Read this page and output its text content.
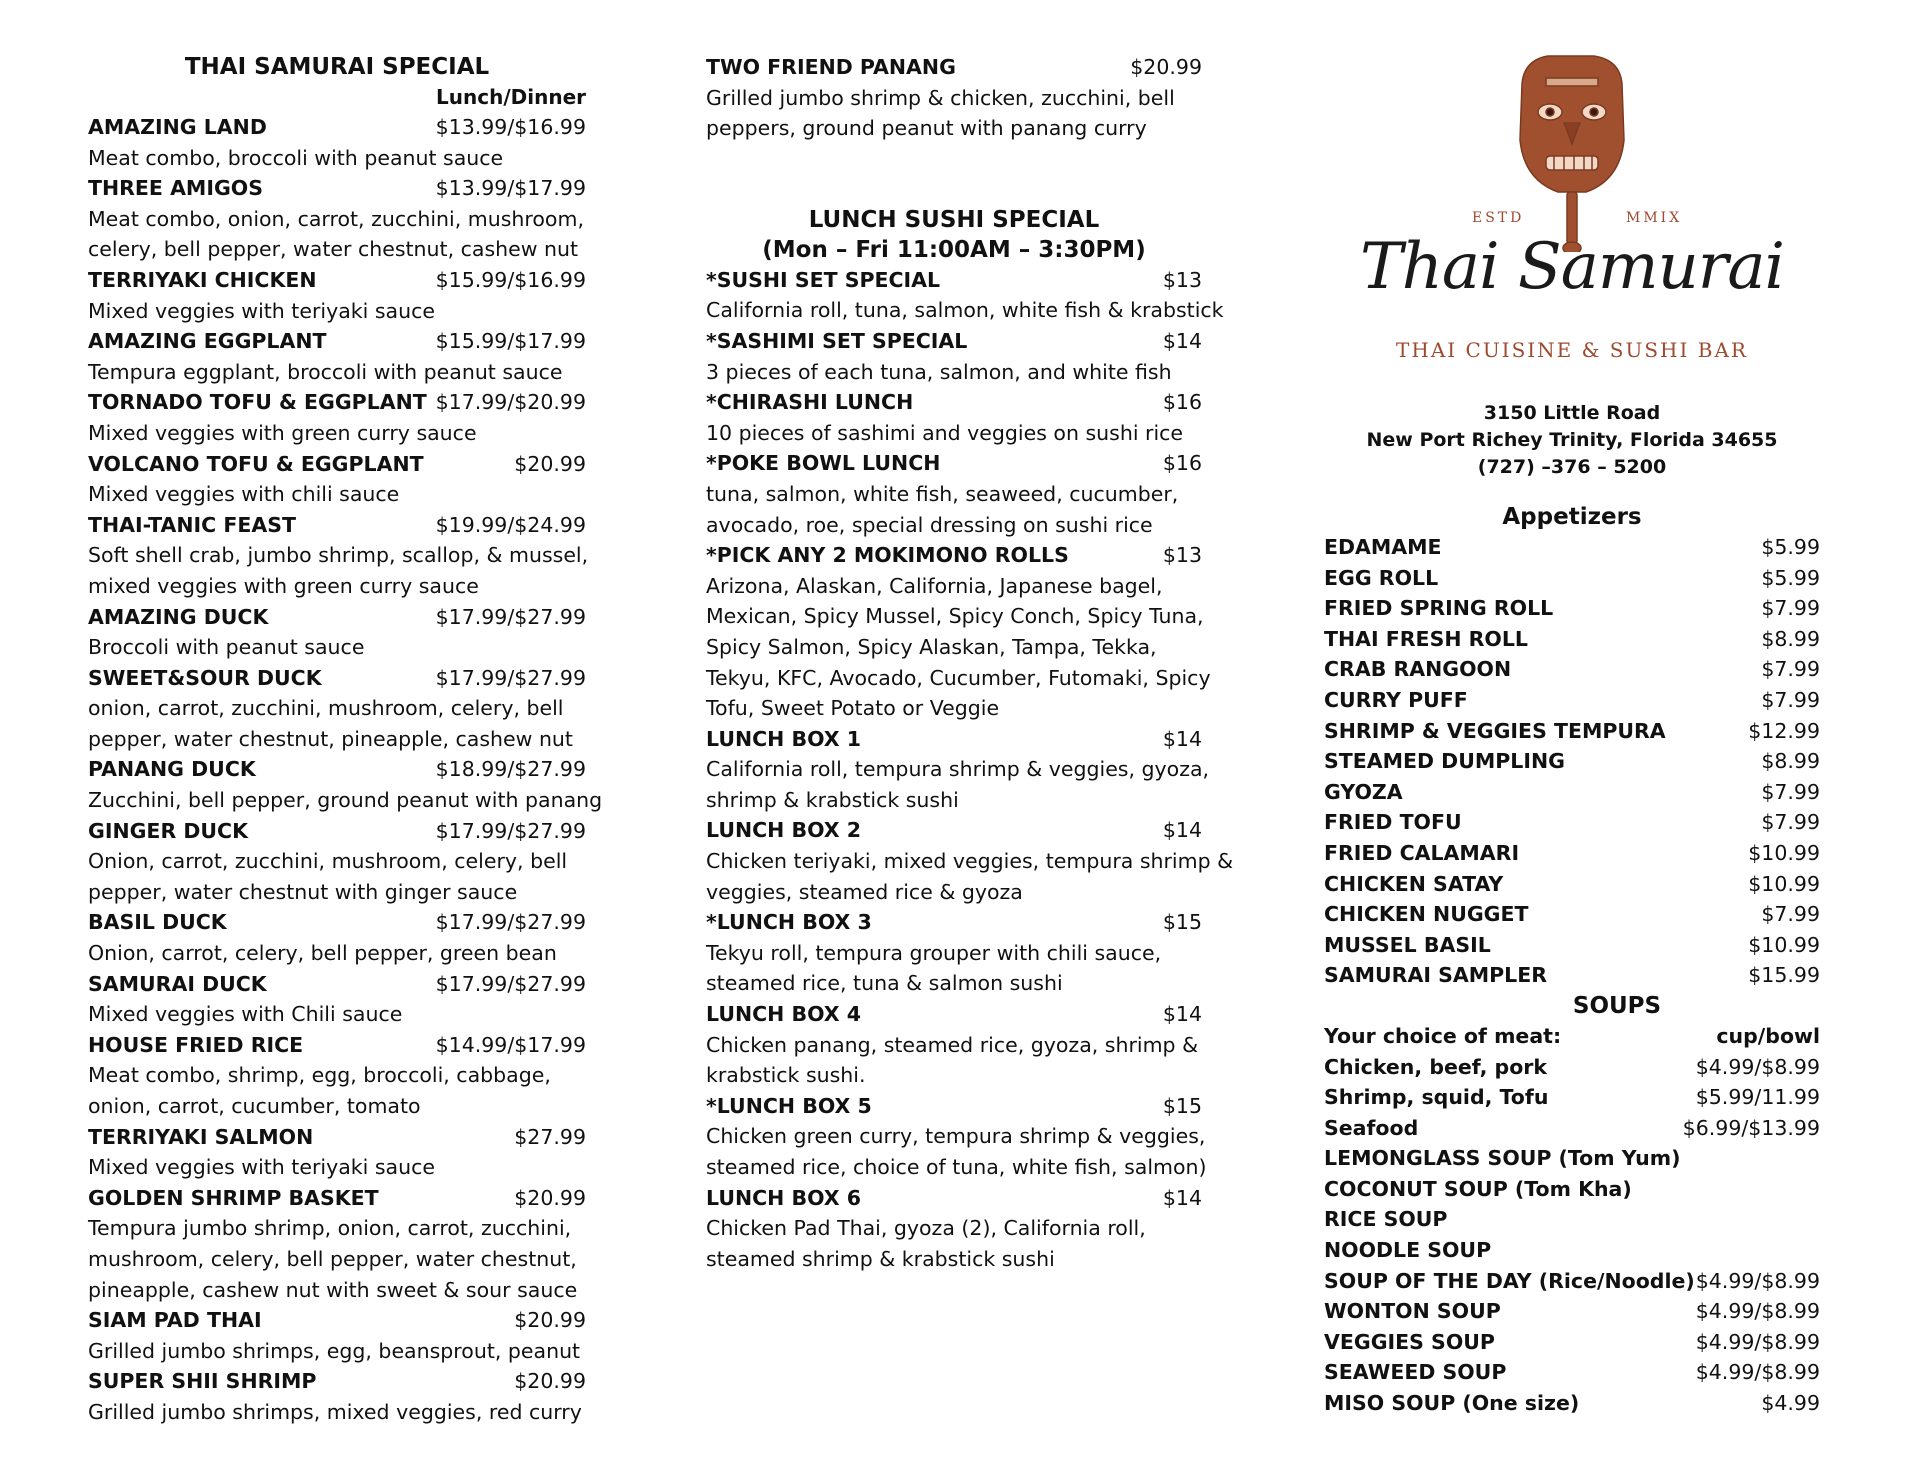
THAI SAMURAI SPECIAL
Lunch/Dinner
AMAZING LAND	$13.99/$16.99
Meat combo, broccoli with peanut sauce
THREE AMIGOS	$13.99/$17.99
Meat combo, onion, carrot, zucchini, mushroom,
celery, bell pepper, water chestnut, cashew nut
TERRIYAKI CHICKEN	$15.99/$16.99
Mixed veggies with teriyaki sauce
AMAZING EGGPLANT	$15.99/$17.99
Tempura eggplant, broccoli with peanut sauce
TORNADO TOFU & EGGPLANT $17.99/$20.99
Mixed veggies with green curry sauce
VOLCANO TOFU & EGGPLANT	$20.99
Mixed veggies with chili sauce
THAI-TANIC FEAST	$19.99/$24.99
Soft shell crab, jumbo shrimp, scallop, & mussel,
mixed veggies with green curry sauce
AMAZING DUCK	$17.99/$27.99
Broccoli with peanut sauce
SWEET&SOUR DUCK	$17.99/$27.99
onion, carrot, zucchini, mushroom, celery, bell
pepper, water chestnut, pineapple, cashew nut
PANANG DUCK	$18.99/$27.99
Zucchini, bell pepper, ground peanut with panang
GINGER DUCK	$17.99/$27.99
Onion, carrot, zucchini, mushroom, celery, bell
pepper, water chestnut with ginger sauce
BASIL DUCK	$17.99/$27.99
Onion, carrot, celery, bell pepper, green bean
SAMURAI DUCK	$17.99/$27.99
Mixed veggies with Chili sauce
HOUSE FRIED RICE	$14.99/$17.99
Meat combo, shrimp, egg, broccoli, cabbage,
onion, carrot, cucumber, tomato
TERRIYAKI SALMON	$27.99
Mixed veggies with teriyaki sauce
GOLDEN SHRIMP BASKET	$20.99
Tempura jumbo shrimp, onion, carrot, zucchini,
mushroom, celery, bell pepper, water chestnut,
pineapple, cashew nut with sweet & sour sauce
SIAM PAD THAI	$20.99
Grilled jumbo shrimps, egg, beansprout, peanut
SUPER SHII SHRIMP	$20.99
Grilled jumbo shrimps, mixed veggies, red curry
TWO FRIEND PANANG	$20.99
Grilled jumbo shrimp & chicken, zucchini, bell
peppers, ground peanut with panang curry
LUNCH SUSHI SPECIAL
(Mon – Fri 11:00AM – 3:30PM)
*SUSHI SET SPECIAL	$13
California roll, tuna, salmon, white fish & krabstick
*SASHIMI SET SPECIAL	$14
3 pieces of each tuna, salmon, and white fish
*CHIRASHI LUNCH	$16
10 pieces of sashimi and veggies on sushi rice
*POKE BOWL LUNCH	$16
tuna, salmon, white fish, seaweed, cucumber,
avocado, roe, special dressing on sushi rice
*PICK ANY 2 MOKIMONO ROLLS	$13
Arizona, Alaskan, California, Japanese bagel,
Mexican, Spicy Mussel, Spicy Conch, Spicy Tuna,
Spicy Salmon, Spicy Alaskan, Tampa, Tekka,
Tekyu, KFC, Avocado, Cucumber, Futomaki, Spicy
Tofu, Sweet Potato or Veggie
LUNCH BOX 1	$14
California roll, tempura shrimp & veggies, gyoza,
shrimp & krabstick sushi
LUNCH BOX 2	$14
Chicken teriyaki, mixed veggies, tempura shrimp &
veggies, steamed rice & gyoza
*LUNCH BOX 3	$15
Tekyu roll, tempura grouper with chili sauce,
steamed rice, tuna & salmon sushi
LUNCH BOX 4	$14
Chicken panang, steamed rice, gyoza, shrimp &
krabstick sushi.
*LUNCH BOX 5	$15
Chicken green curry, tempura shrimp & veggies,
steamed rice, choice of tuna, white fish, salmon)
LUNCH BOX 6	$14
Chicken Pad Thai, gyoza (2), California roll,
steamed shrimp & krabstick sushi
ESTD	MMIX
Thai Samurai
THAI CUISINE & SUSHI BAR
3150 Little Road
New Port Richey Trinity, Florida 34655
(727) –376 – 5200
Appetizers
EDAMAME	$5.99
EGG ROLL	$5.99
FRIED SPRING ROLL	$7.99
THAI FRESH ROLL	$8.99
CRAB RANGOON	$7.99
CURRY PUFF	$7.99
SHRIMP & VEGGIES TEMPURA	$12.99
STEAMED DUMPLING	$8.99
GYOZA	$7.99
FRIED TOFU	$7.99
FRIED CALAMARI	$10.99
CHICKEN SATAY	$10.99
CHICKEN NUGGET	$7.99
MUSSEL BASIL	$10.99
SAMURAI SAMPLER	$15.99
SOUPS
Your choice of meat:	cup/bowl
Chicken, beef, pork	$4.99/$8.99
Shrimp, squid, Tofu	$5.99/11.99
Seafood	$6.99/$13.99
LEMONGLASS SOUP (Tom Yum)
COCONUT SOUP (Tom Kha)
RICE SOUP
NOODLE SOUP
SOUP OF THE DAY (Rice/Noodle) $4.99/$8.99
WONTON SOUP	$4.99/$8.99
VEGGIES SOUP	$4.99/$8.99
SEAWEED SOUP	$4.99/$8.99
MISO SOUP (One size)	$4.99
